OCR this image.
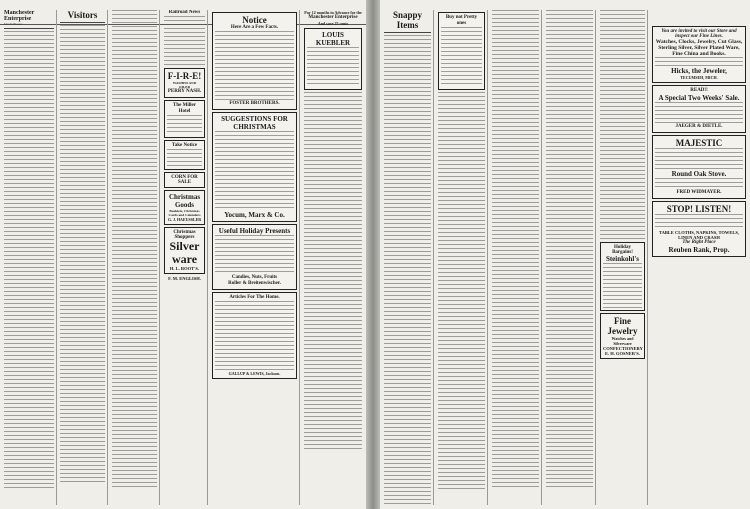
Manchester Enterprise
Mat D. Blosser
Visitors	Railroad News
F-I-R-E!
WASHED AND OILED
PERRY NASH.
The Miller Hotel
Take Notice
CORN FOR SALE
Christmas Goods
Booklets, Christmas Cards and Calendars
G. J. HAEUSSLER
Christmas Shoppers
Silver ware
H. L. ROOT'S.
F. M. ENGLISH.
Notice
Here Are a Few Facts.
FOSTER BROTHERS.
SUGGESTIONS FOR CHRISTMAS
Yocum, Marx & Co.
Useful Holiday Presents
Candies, Nuts, Fruits
Roller & Breitenwischer.
Articles For The Home.
GALLUP & LEWIS, Jackson.
Pay 12 months in Advance for the
Manchester Enterprise
And save 25 cents
LOUIS KUEBLER
Snappy Items
Buy not Pretty ones
Holiday Bargains!
Steinkohl's
Fine Jewelry
Watches and Silverware
CONFECTIONERY
E. H. GOSNER'S.
You are invited to visit our Store and inspect our Fine Lines.
Watches, Clocks, Jewelry, Cut Glass, Sterling Silver, Silver Plated Ware, Fine China and Books.
Hicks, the Jeweler,
TECUMSEH, MICH.
READ!!
A Special Two Weeks' Sale.
JAEGER & DIETLE.
MAJESTIC
Round Oak Stove.
FRED WIDMAYER.
STOP! LISTEN!
TABLE CLOTHS, NAPKINS, TOWELS, LINEN AND CRASH
The Right Place
Reuben Rank, Prop.
